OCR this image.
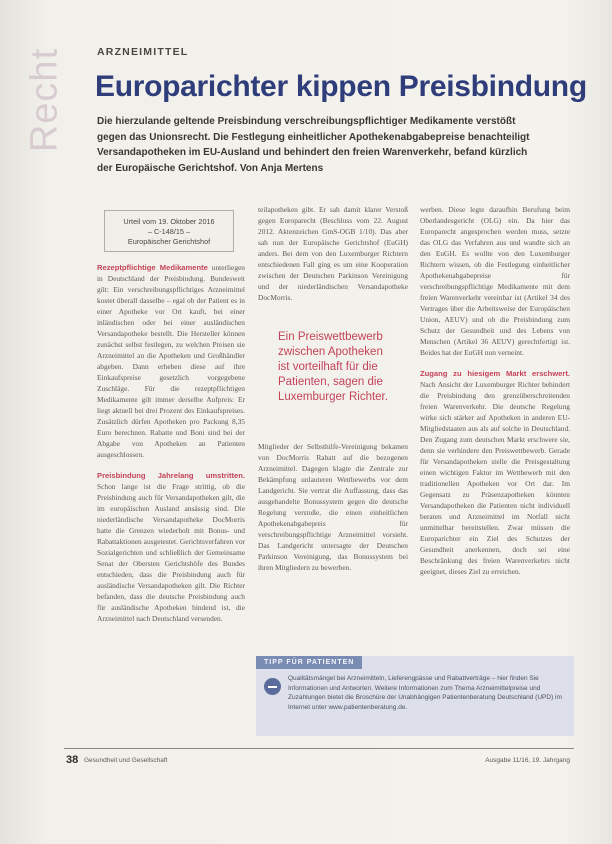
Recht	ARZNEIMITTEL
Europarichter kippen Preisbindung
Die hierzulande geltende Preisbindung verschreibungspflichtiger Medikamente verstößt gegen das Unionsrecht. Die Festlegung einheitlicher Apothekenabgabepreise benachteiligt Versandapotheken im EU-Ausland und behindert den freien Warenverkehr, befand kürzlich der Europäische Gerichtshof. Von Anja Mertens
Urteil vom 19. Oktober 2016
– C-148/15 –
Europäischer Gerichtshof

Rezeptpflichtige Medikamente unterliegen in Deutschland der Preisbindung. Bundesweit gilt: Ein verschreibungspflichtiges Arzneimittel kostet überall dasselbe – egal ob der Patient es in einer Apotheke vor Ort kauft, bei einer inländischen oder bei einer ausländischen Versandapotheke bestellt. Die Hersteller können zunächst selbst festlegen, zu welchen Preisen sie Arzneimittel an die Apotheken und Großhändler abgeben. Dann erheben diese auf ihre Einkaufspreise gesetzlich vorgegebene Zuschläge. Für die rezeptpflichtigen Medikamente gilt immer derselbe Aufpreis: Er liegt aktuell bei drei Prozent des Einkaufspreises. Zusätzlich dürfen Apotheken pro Packung 8,35 Euro berechnen. Rabatte und Boni sind bei der Abgabe von Apotheken an Patienten ausgeschlossen.

Preisbindung Jahrelang umstritten. Schon lange ist die Frage strittig, ob die Preisbindung auch für Versandapotheken gilt, die im europäischen Ausland ansässig sind. Die niederländische Versandapotheke DocMorris hatte die Grenzen wiederholt mit Bonus- und Rabattaktionen ausgetestet. Gerichtsverfahren vor Sozialgerichten und schließlich der Gemeinsame Senat der Obersten Gerichtshöfe des Bundes entschieden, dass die Preisbindung auch für ausländische Versandapotheken gilt. Die Richter befanden, dass die deutsche Preisbindung auch für ausländische Apotheken bindend ist, die Arzneimittel nach Deutschland versenden.

teilapotheken gibt. Er sah damit klarer Verstoß gegen Europarecht (Beschluss vom 22. August 2012. Aktenzeichen GmS-OGB 1/10). Das aber sah nun der Europäische Gerichtshof (EuGH) anders. Bei dem von den Luxemburger Richtern entschiedenen Fall ging es um eine Kooperation zwischen der Deutschen Parkinson Vereinigung und der niederländischen Versandapotheke DocMorris.

Ein Preiswettbewerb zwischen Apotheken ist vorteilhaft für die Patienten, sagen die Luxemburger Richter.

Mitglieder der Selbsthilfe-Vereinigung bekamen von DocMorris Rabatt auf die bezogenen Arzneimittel. Dagegen klagte die Zentrale zur Bekämpfung unlauteren Wettbewerbs vor dem Landgericht. Sie vertrat die Auffassung, dass das ausgehandelte Bonussystem gegen die deutsche Regelung verstoße, die einen einheitlichen Apothekenabgabepreis für verschreibungspflichtige Arzneimittel vorsieht. Das Landgericht untersagte der Deutschen Parkinson Vereinigung, das Bonussystem bei ihren Mitgliedern zu bewerben.

werben. Diese legte daraufhin Berufung beim Oberlandesgericht (OLG) ein. Da hier das Europarecht angesprochen werden muss, setzte das OLG das Verfahren aus und wandte sich an den EuGH. Es wollte von den Luxemburger Richtern wissen, ob die Festlegung einheitlicher Apothekenabgabepreise für verschreibungspflichtige Medikamente mit dem freien Warenverkehr vereinbar ist (Artikel 34 des Vertrages über die Arbeitsweise der Europäischen Union, AEUV) und ob die Preisbindung zum Schutz der Gesundheit und des Lebens von Menschen (Artikel 36 AEUV) gerechtfertigt ist. Beides hat der EuGH nun verneint.

Zugang zu hiesigem Markt erschwert. Nach Ansicht der Luxemburger Richter behindert die Preisbindung den grenzüberschreitenden freien Warenverkehr. Die deutsche Regelung wirke sich stärker auf Apotheken in anderen EU-Mitgliedstaaten aus als auf solche in Deutschland. Den Zugang zum deutschen Markt erschwere sie, denn sie verhindere den Preiswettbewerb. Gerade für Versandapotheken stelle die Preisgestaltung einen wichtigen Faktor im Wettbewerb mit den traditionellen Apotheken vor Ort dar. Im Gegensatz zu Präsenzapotheken könnten Versandapotheken die Patienten nicht individuell beraten und Arzneimittel im Notfall nicht unmittelbar bereitstellen. Zwar müssen die Europarichter ein Ziel des Schutzes der Gesundheit anerkennen, doch sei eine Beschränkung des freien Warenverkehrs nicht geeignet, dieses Ziel zu erreichen.

TIPP FÜR PATIENTEN
Qualitätsmängel bei Arzneimitteln, Lieferengpässe und Rabattverträge – hier finden Sie Informationen und Antworten. Weitere Informationen zum Thema Arzneimittelpreise und Zuzahlungen bietet die Broschüre der Unabhängigen Patientenberatung Deutschland (UPD) im Internet unter www.patientenberatung.de.
38 Gesundheit und Gesellschaft	Ausgabe 11/16, 19. Jahrgang
